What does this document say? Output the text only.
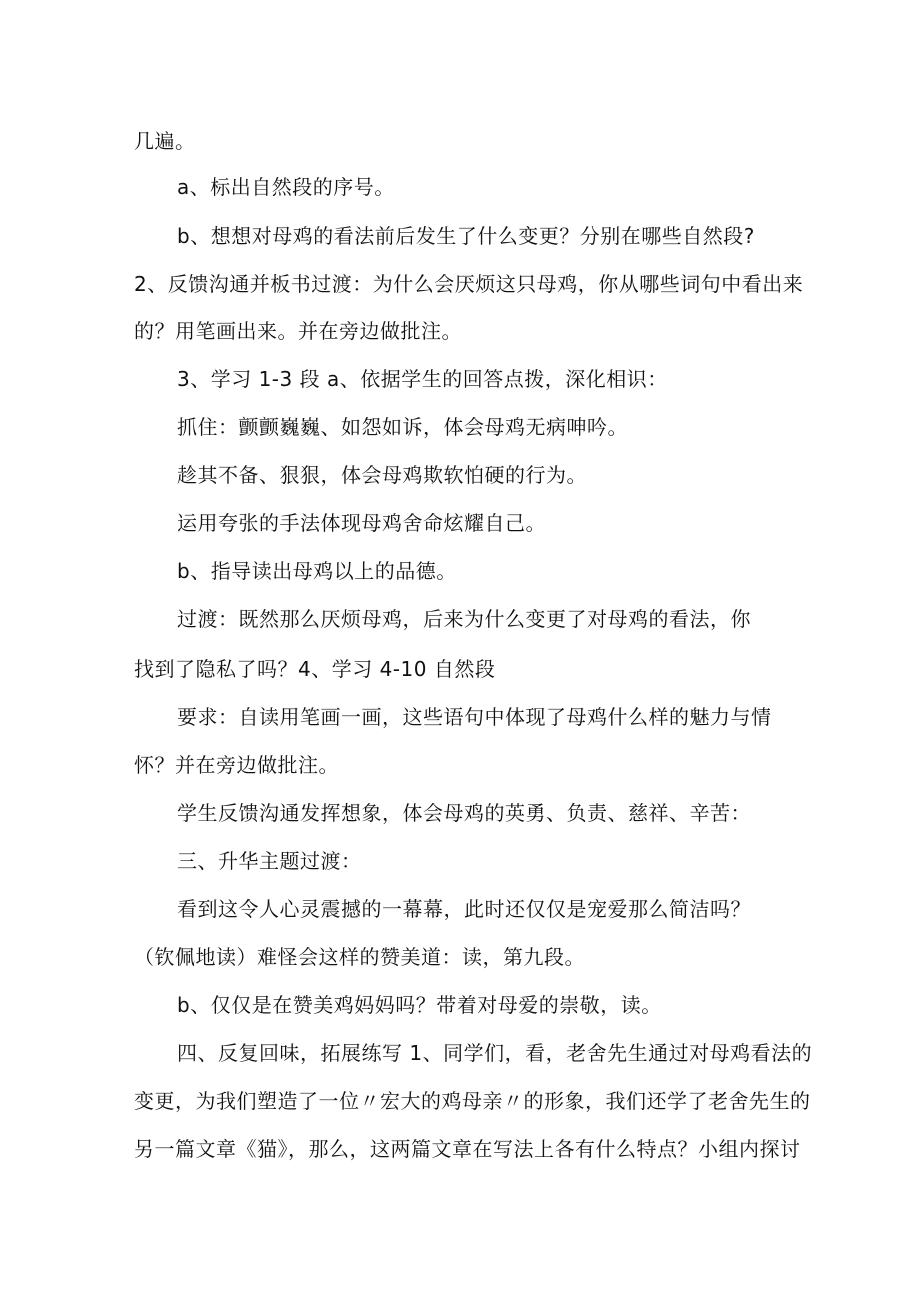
几遍。
a、标出自然段的序号。
b、想想对母鸡的看法前后发生了什么变更？分别在哪些自然段?
2、反馈沟通并板书过渡：为什么会厌烦这只母鸡，你从哪些词句中看出来
的？用笔画出来。并在旁边做批注。
3、学习 1-3 段 a、依据学生的回答点拨，深化相识：
抓住：颤颤巍巍、如怨如诉，体会母鸡无病呻吟。
趁其不备、狠狠，体会母鸡欺软怕硬的行为。
运用夸张的手法体现母鸡舍命炫耀自己。
b、指导读出母鸡以上的品德。
过渡：既然那么厌烦母鸡，后来为什么变更了对母鸡的看法，你
找到了隐私了吗？4、学习 4-10 自然段
要求：自读用笔画一画，这些语句中体现了母鸡什么样的魅力与情
怀？并在旁边做批注。
学生反馈沟通发挥想象，体会母鸡的英勇、负责、慈祥、辛苦：
三、升华主题过渡：
看到这令人心灵震撼的一幕幕，此时还仅仅是宠爱那么简洁吗？
（钦佩地读）难怪会这样的赞美道：读，第九段。
b、仅仅是在赞美鸡妈妈吗？带着对母爱的崇敬，读。
四、反复回味，拓展练写 1、同学们，看，老舍先生通过对母鸡看法的
变更，为我们塑造了一位〃宏大的鸡母亲〃的形象，我们还学了老舍先生的
另一篇文章《猫》，那么，这两篇文章在写法上各有什么特点？小组内探讨
